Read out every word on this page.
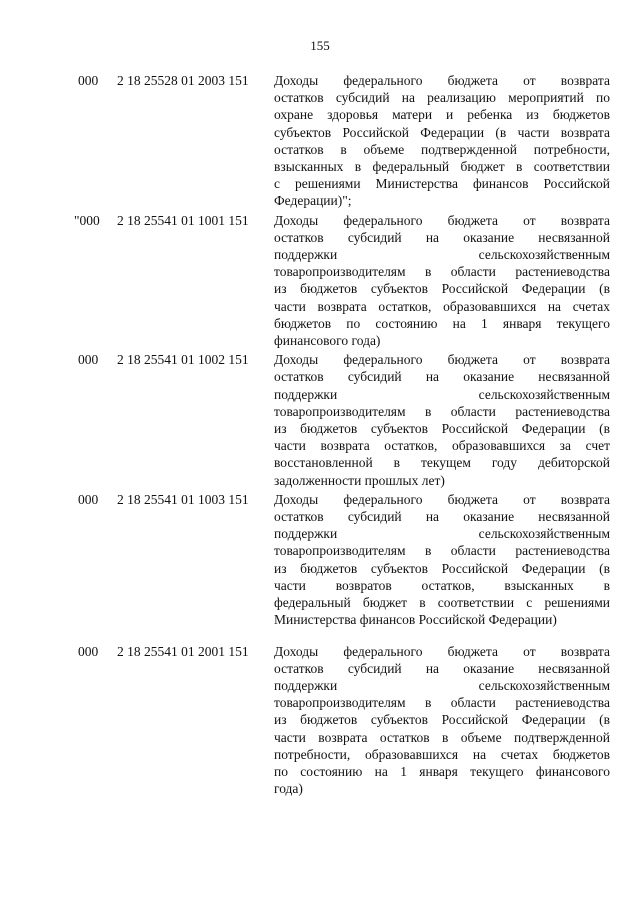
155
000	2 18 25528 01 2003 151	Доходы федерального бюджета от возврата
остатков субсидий на реализацию мероприятий по
охране здоровья матери и ребенка из бюджетов
субъектов Российской Федерации (в части возврата
остатков в объеме подтвержденной потребности,
взысканных в федеральный бюджет в соответствии
с решениями Министерства финансов Российской
Федерации)";
"000	2 18 25541 01 1001 151	Доходы федерального бюджета от возврата
остатков субсидий на оказание несвязанной
поддержки	сельскохозяйственным
товаропроизводителям в области растениеводства
из бюджетов субъектов Российской Федерации (в
части возврата остатков, образовавшихся на счетах
бюджетов по состоянию на 1 января текущего
финансового года)
000	2 18 25541 01 1002 151	Доходы федерального бюджета от возврата
остатков субсидий на оказание несвязанной
поддержки	сельскохозяйственным
товаропроизводителям в области растениеводства
из бюджетов субъектов Российской Федерации (в
части возврата остатков, образовавшихся за счет
восстановленной в текущем году дебиторской
задолженности прошлых лет)
000	2 18 25541 01 1003 151	Доходы федерального бюджета от возврата
остатков субсидий на оказание несвязанной
поддержки	сельскохозяйственным
товаропроизводителям в области растениеводства
из бюджетов субъектов Российской Федерации (в
части возвратов остатков, взысканных в
федеральный бюджет в соответствии с решениями
Министерства финансов Российской Федерации)
000	2 18 25541 01 2001 151	Доходы федерального бюджета от возврата
остатков субсидий на оказание несвязанной
поддержки	сельскохозяйственным
товаропроизводителям в области растениеводства
из бюджетов субъектов Российской Федерации (в
части возврата остатков в объеме подтвержденной
потребности, образовавшихся на счетах бюджетов
по состоянию на 1 января текущего финансового
года)
